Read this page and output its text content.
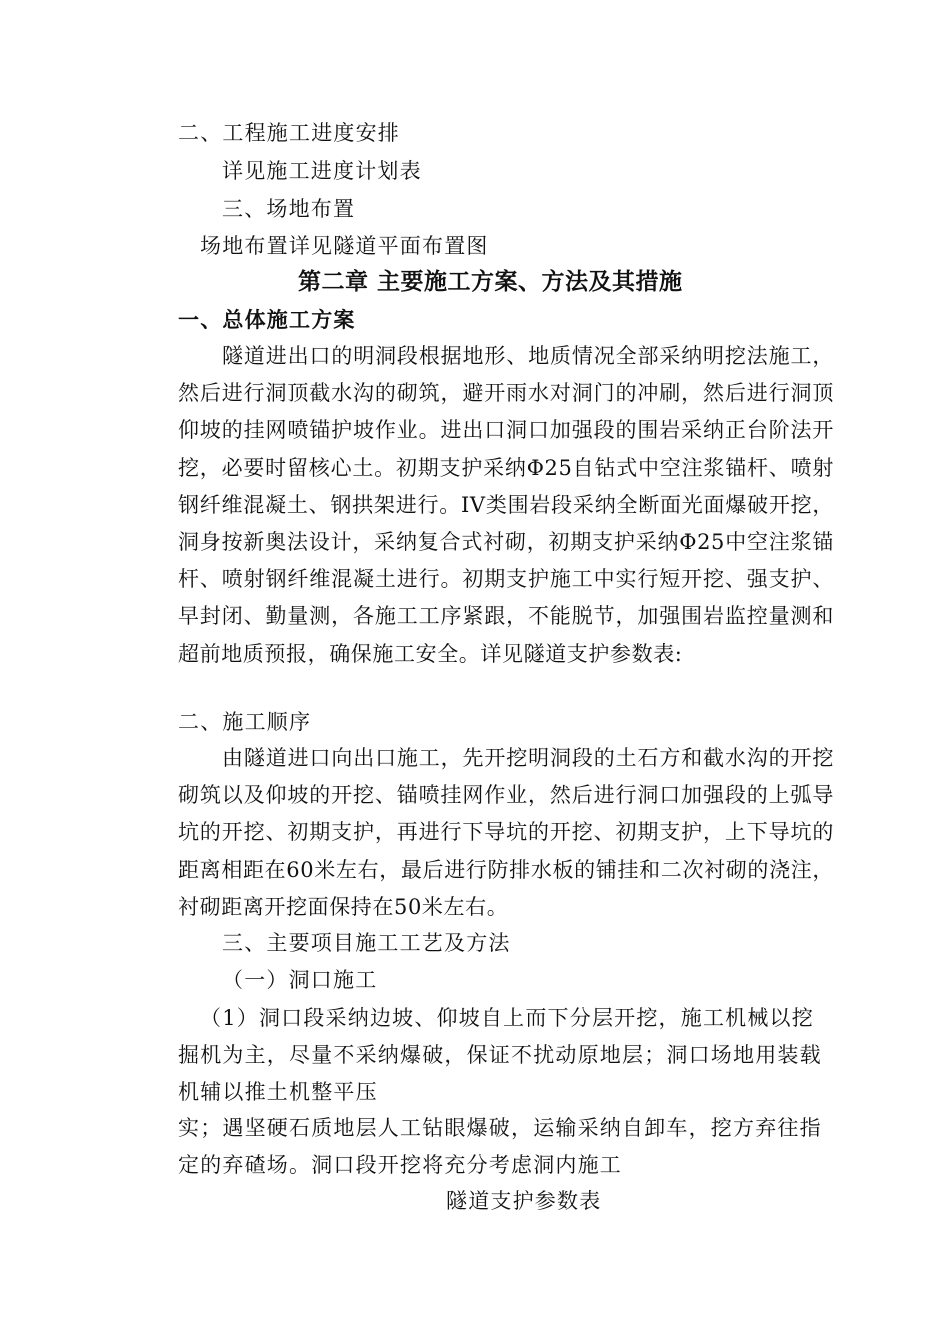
二、工程施工进度安排
详见施工进度计划表
三、场地布置
场地布置详见隧道平面布置图
第二章 主要施工方案、方法及其措施
一、总体施工方案
隧道进出口的明洞段根据地形、地质情况全部采纳明挖法施工，然后进行洞顶截水沟的砌筑，避开雨水对洞门的冲刷，然后进行洞顶仰坡的挂网喷锚护坡作业。进出口洞口加强段的围岩采纳正台阶法开挖，必要时留核心土。初期支护采纳Φ25自钻式中空注浆锚杆、喷射钢纤维混凝土、钢拱架进行。IV类围岩段采纳全断面光面爆破开挖，洞身按新奥法设计，采纳复合式衬砌，初期支护采纳Φ25中空注浆锚杆、喷射钢纤维混凝土进行。初期支护施工中实行短开挖、强支护、早封闭、勤量测，各施工工序紧跟，不能脱节，加强围岩监控量测和超前地质预报，确保施工安全。详见隧道支护参数表:
二、施工顺序
由隧道进口向出口施工，先开挖明洞段的土石方和截水沟的开挖砌筑以及仰坡的开挖、锚喷挂网作业，然后进行洞口加强段的上弧导坑的开挖、初期支护，再进行下导坑的开挖、初期支护，上下导坑的距离相距在60米左右，最后进行防排水板的铺挂和二次衬砌的浇注，衬砌距离开挖面保持在50米左右。
三、主要项目施工工艺及方法
（一）洞口施工
（1）洞口段采纳边坡、仰坡自上而下分层开挖，施工机械以挖
掘机为主，尽量不采纳爆破，保证不扰动原地层；洞口场地用装载
机辅以推土机整平压
实；遇坚硬石质地层人工钻眼爆破，运输采纳自卸车，挖方弃往指
定的弃碴场。洞口段开挖将充分考虑洞内施工
隧道支护参数表
